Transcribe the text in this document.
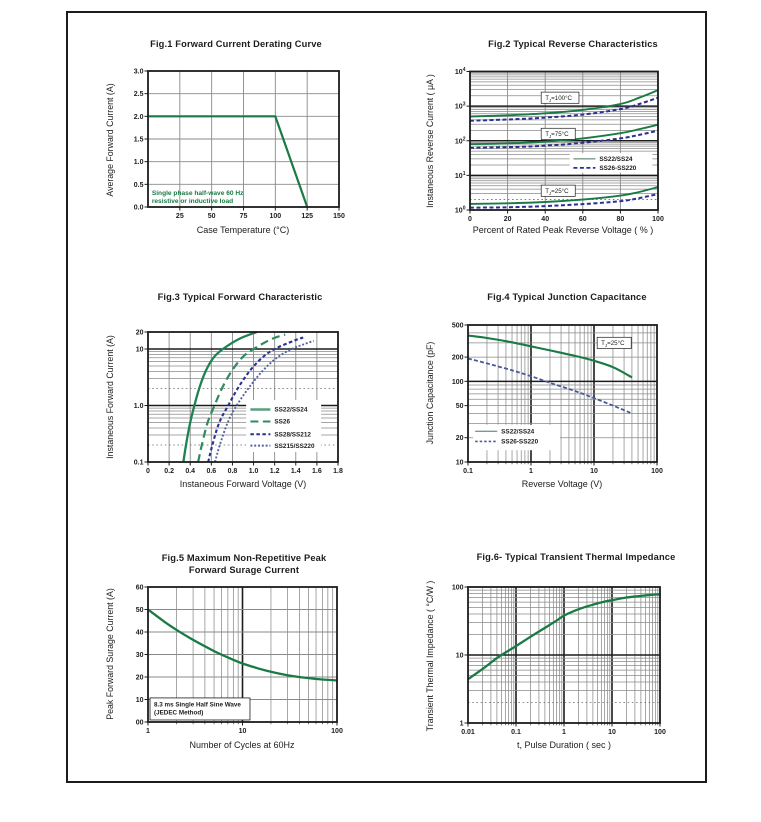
Single phase half-wave 60 Hz
resistive or inductive load
25	50	75	100	125	150
3.0
2.5
2.0
1.5
1.0
0.5
0.0
$T_J=100^\circ C$
$T_J=75^\circ C$
$T_J=25^\circ C$
SS22/SS24
SS26-SS220
0	20	40	60	80	100
$10^4$
$10^3$
$10^2$
$10^1$
$10^0$
SS22/SS24
SS26
SS28/SS212
SS215/SS220
0 0.2 0.4 0.6 0.8 1.0 1.2 1.4 1.6 1.8
20
10
1.0
0.1
$T_J=25^\circ C$
SS22/SS24
SS26-SS220
0.1	1	10	100
500
200
100
50
20
10
8.3 ms Single Half Sine Wave
(JEDEC Method)
1	10	100
60
50
40
30
20
10
00
0.01	0.1	1	10	100
100
10
1
Fig.1 Forward Current Derating Curve	Fig.2 Typical Reverse Characteristics
Fig.3 Typical Forward Characteristic	Fig.4 Typical Junction Capacitance
Fig.5 Maximum Non-Repetitive Peak
Forward Surage Current
Fig.6- Typical Transient Thermal Impedance
Case Temperature (°C)	Percent of Rated Peak Reverse Voltage ( % )
Instaneous Forward Voltage (V)	Reverse Voltage (V)
Number of Cycles at 60Hz	t, Pulse Duration ( sec )
Average Forward Current (A)	Instaneous Reverse Current ( μA )
Instaneous Forward Current (A)	Junction Capacitance (pF)
Peak Forward Surage Current (A)	Transient Thermal Impedance ( °C/W )
